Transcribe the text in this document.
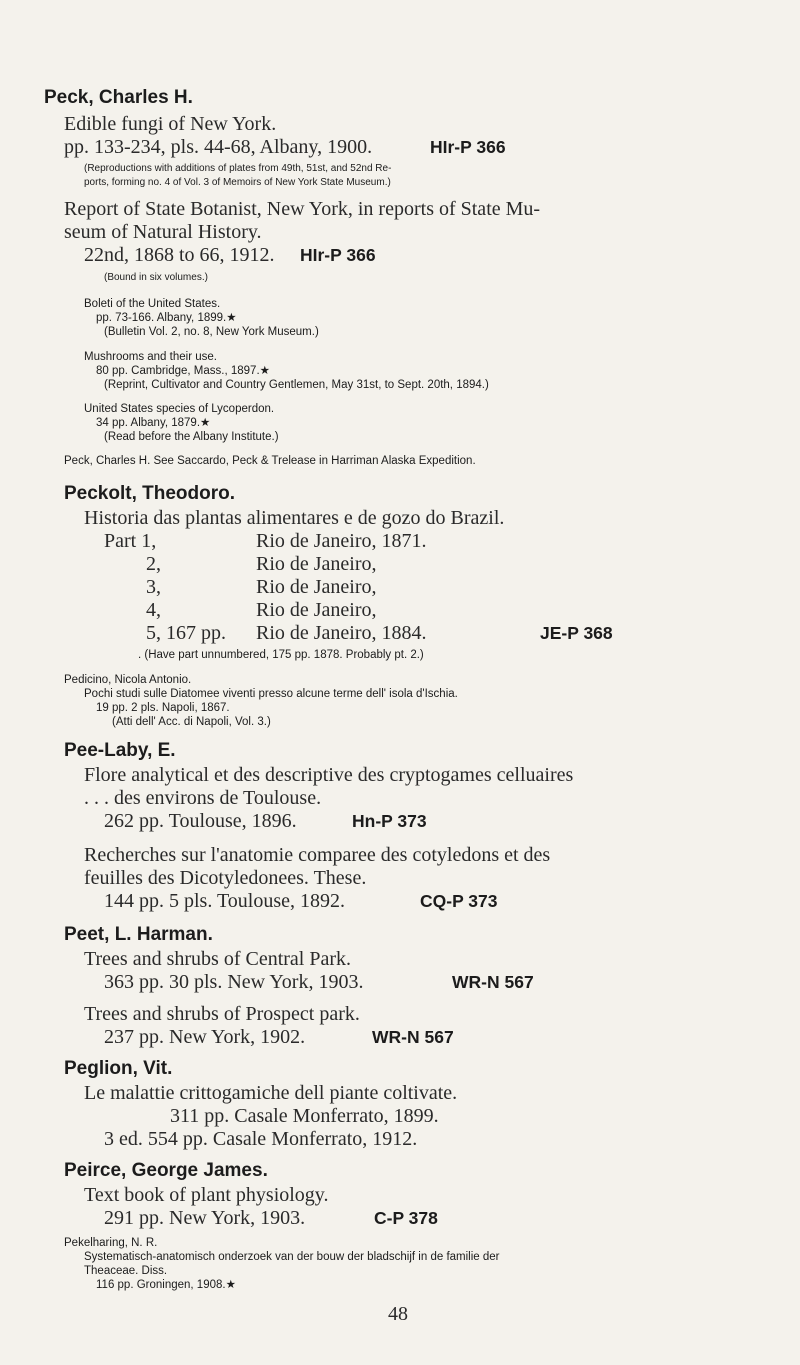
Peck, Charles H.
Edible fungi of New York.
pp. 133-234, pls. 44-68, Albany, 1900.	HIr-P 366
(Reproductions with additions of plates from 49th, 51st, and 52nd Re-
ports, forming no. 4 of Vol. 3 of Memoirs of New York State Museum.)
Report of State Botanist, New York, in reports of State Mu-
seum of Natural History.
22nd, 1868 to 66, 1912. HIr-P 366
(Bound in six volumes.)
Boleti of the United States.
pp. 73-166. Albany, 1899.★
(Bulletin Vol. 2, no. 8, New York Museum.)
Mushrooms and their use.
80 pp. Cambridge, Mass., 1897.★
(Reprint, Cultivator and Country Gentlemen, May 31st, to Sept. 20th, 1894.)
United States species of Lycoperdon.
34 pp. Albany, 1879.★
(Read before the Albany Institute.)
Peck, Charles H. See Saccardo, Peck & Trelease in Harriman Alaska Expedition.
Peckolt, Theodoro.
Historia das plantas alimentares e de gozo do Brazil.
Part 1,	Rio de Janeiro, 1871.
2,	Rio de Janeiro,
3,	Rio de Janeiro,
4,	Rio de Janeiro,
5, 167 pp. Rio de Janeiro, 1884.	JE-P 368
. (Have part unnumbered, 175 pp. 1878. Probably pt. 2.)
Pedicino, Nicola Antonio.
Pochi studi sulle Diatomee viventi presso alcune terme dell' isola d'Ischia.
19 pp. 2 pls. Napoli, 1867.
(Atti dell' Acc. di Napoli, Vol. 3.)
Pee-Laby, E.
Flore analytical et des descriptive des cryptogames celluaires
. . . des environs de Toulouse.
262 pp. Toulouse, 1896.	Hn-P 373
Recherches sur l'anatomie comparee des cotyledons et des
feuilles des Dicotyledonees. These.
144 pp. 5 pls. Toulouse, 1892.	CQ-P 373
Peet, L. Harman.
Trees and shrubs of Central Park.
363 pp. 30 pls. New York, 1903.	WR-N 567
Trees and shrubs of Prospect park.
237 pp. New York, 1902.	WR-N 567
Peglion, Vit.
Le malattie crittogamiche dell piante coltivate.
311 pp. Casale Monferrato, 1899.
3 ed. 554 pp. Casale Monferrato, 1912.
Peirce, George James.
Text book of plant physiology.
291 pp. New York, 1903.	C-P 378
Pekelharing, N. R.
Systematisch-anatomisch onderzoek van der bouw der bladschijf in de familie der
Theaceae. Diss.
116 pp. Groningen, 1908.★
48
